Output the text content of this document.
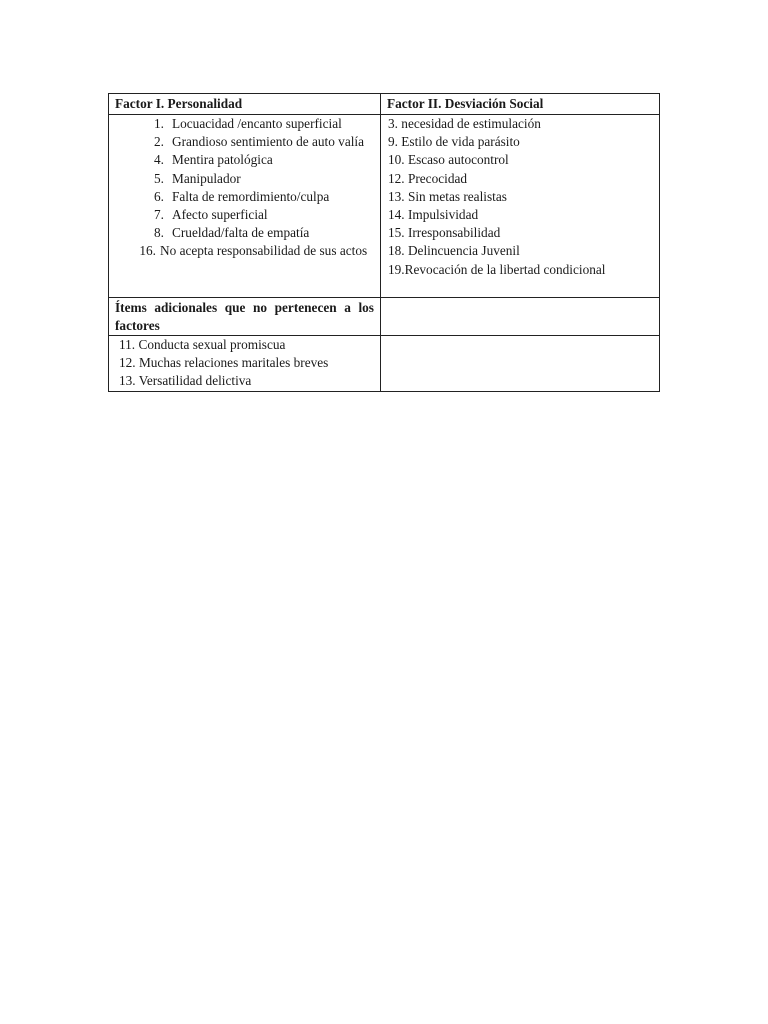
Factor I. Personalidad	Factor II. Desviación Social
1. Locuacidad /encanto superficial
2. Grandioso sentimiento de auto valía
4. Mentira patológica
5. Manipulador
6. Falta de remordimiento/culpa
7. Afecto superficial
8. Crueldad/falta de empatía
16. No acepta responsabilidad de sus actos
3. necesidad de estimulación
9. Estilo de vida parásito
10. Escaso autocontrol
12. Precocidad
13. Sin metas realistas
14. Impulsividad
15. Irresponsabilidad
18. Delincuencia Juvenil
19.Revocación de la libertad condicional
Ítems adicionales que no pertenecen a los factores
11. Conducta sexual promiscua
12. Muchas relaciones maritales breves
13. Versatilidad delictiva
